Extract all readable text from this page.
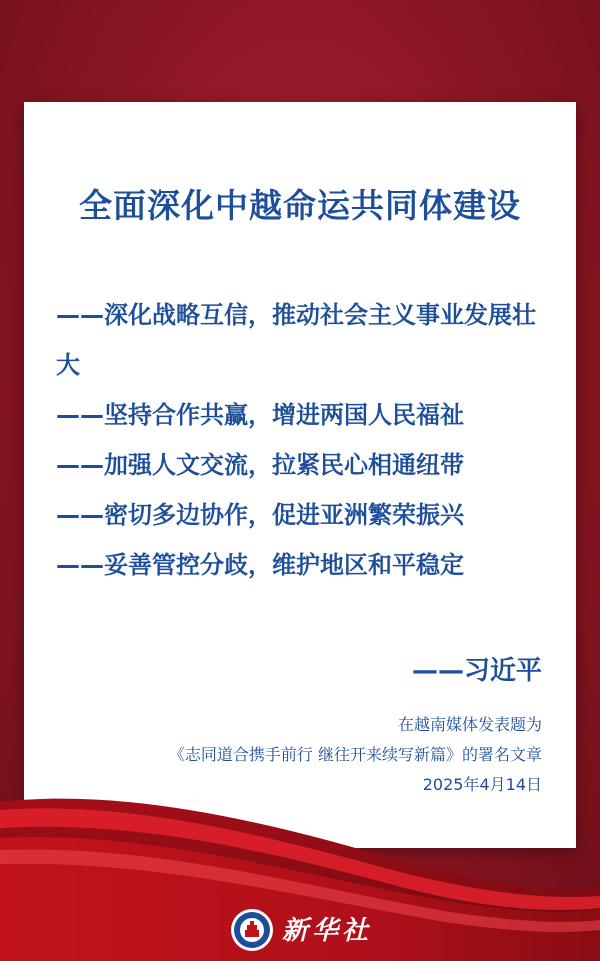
全面深化中越命运共同体建设

——深化战略互信，推动社会主义事业发展壮大

——坚持合作共赢，增进两国人民福祉

——加强人文交流，拉紧民心相通纽带

——密切多边协作，促进亚洲繁荣振兴

——妥善管控分歧，维护地区和平稳定

——习近平
在越南媒体发表题为
《志同道合携手前行 继往开来续写新篇》的署名文章
2025年4月14日
新华社
